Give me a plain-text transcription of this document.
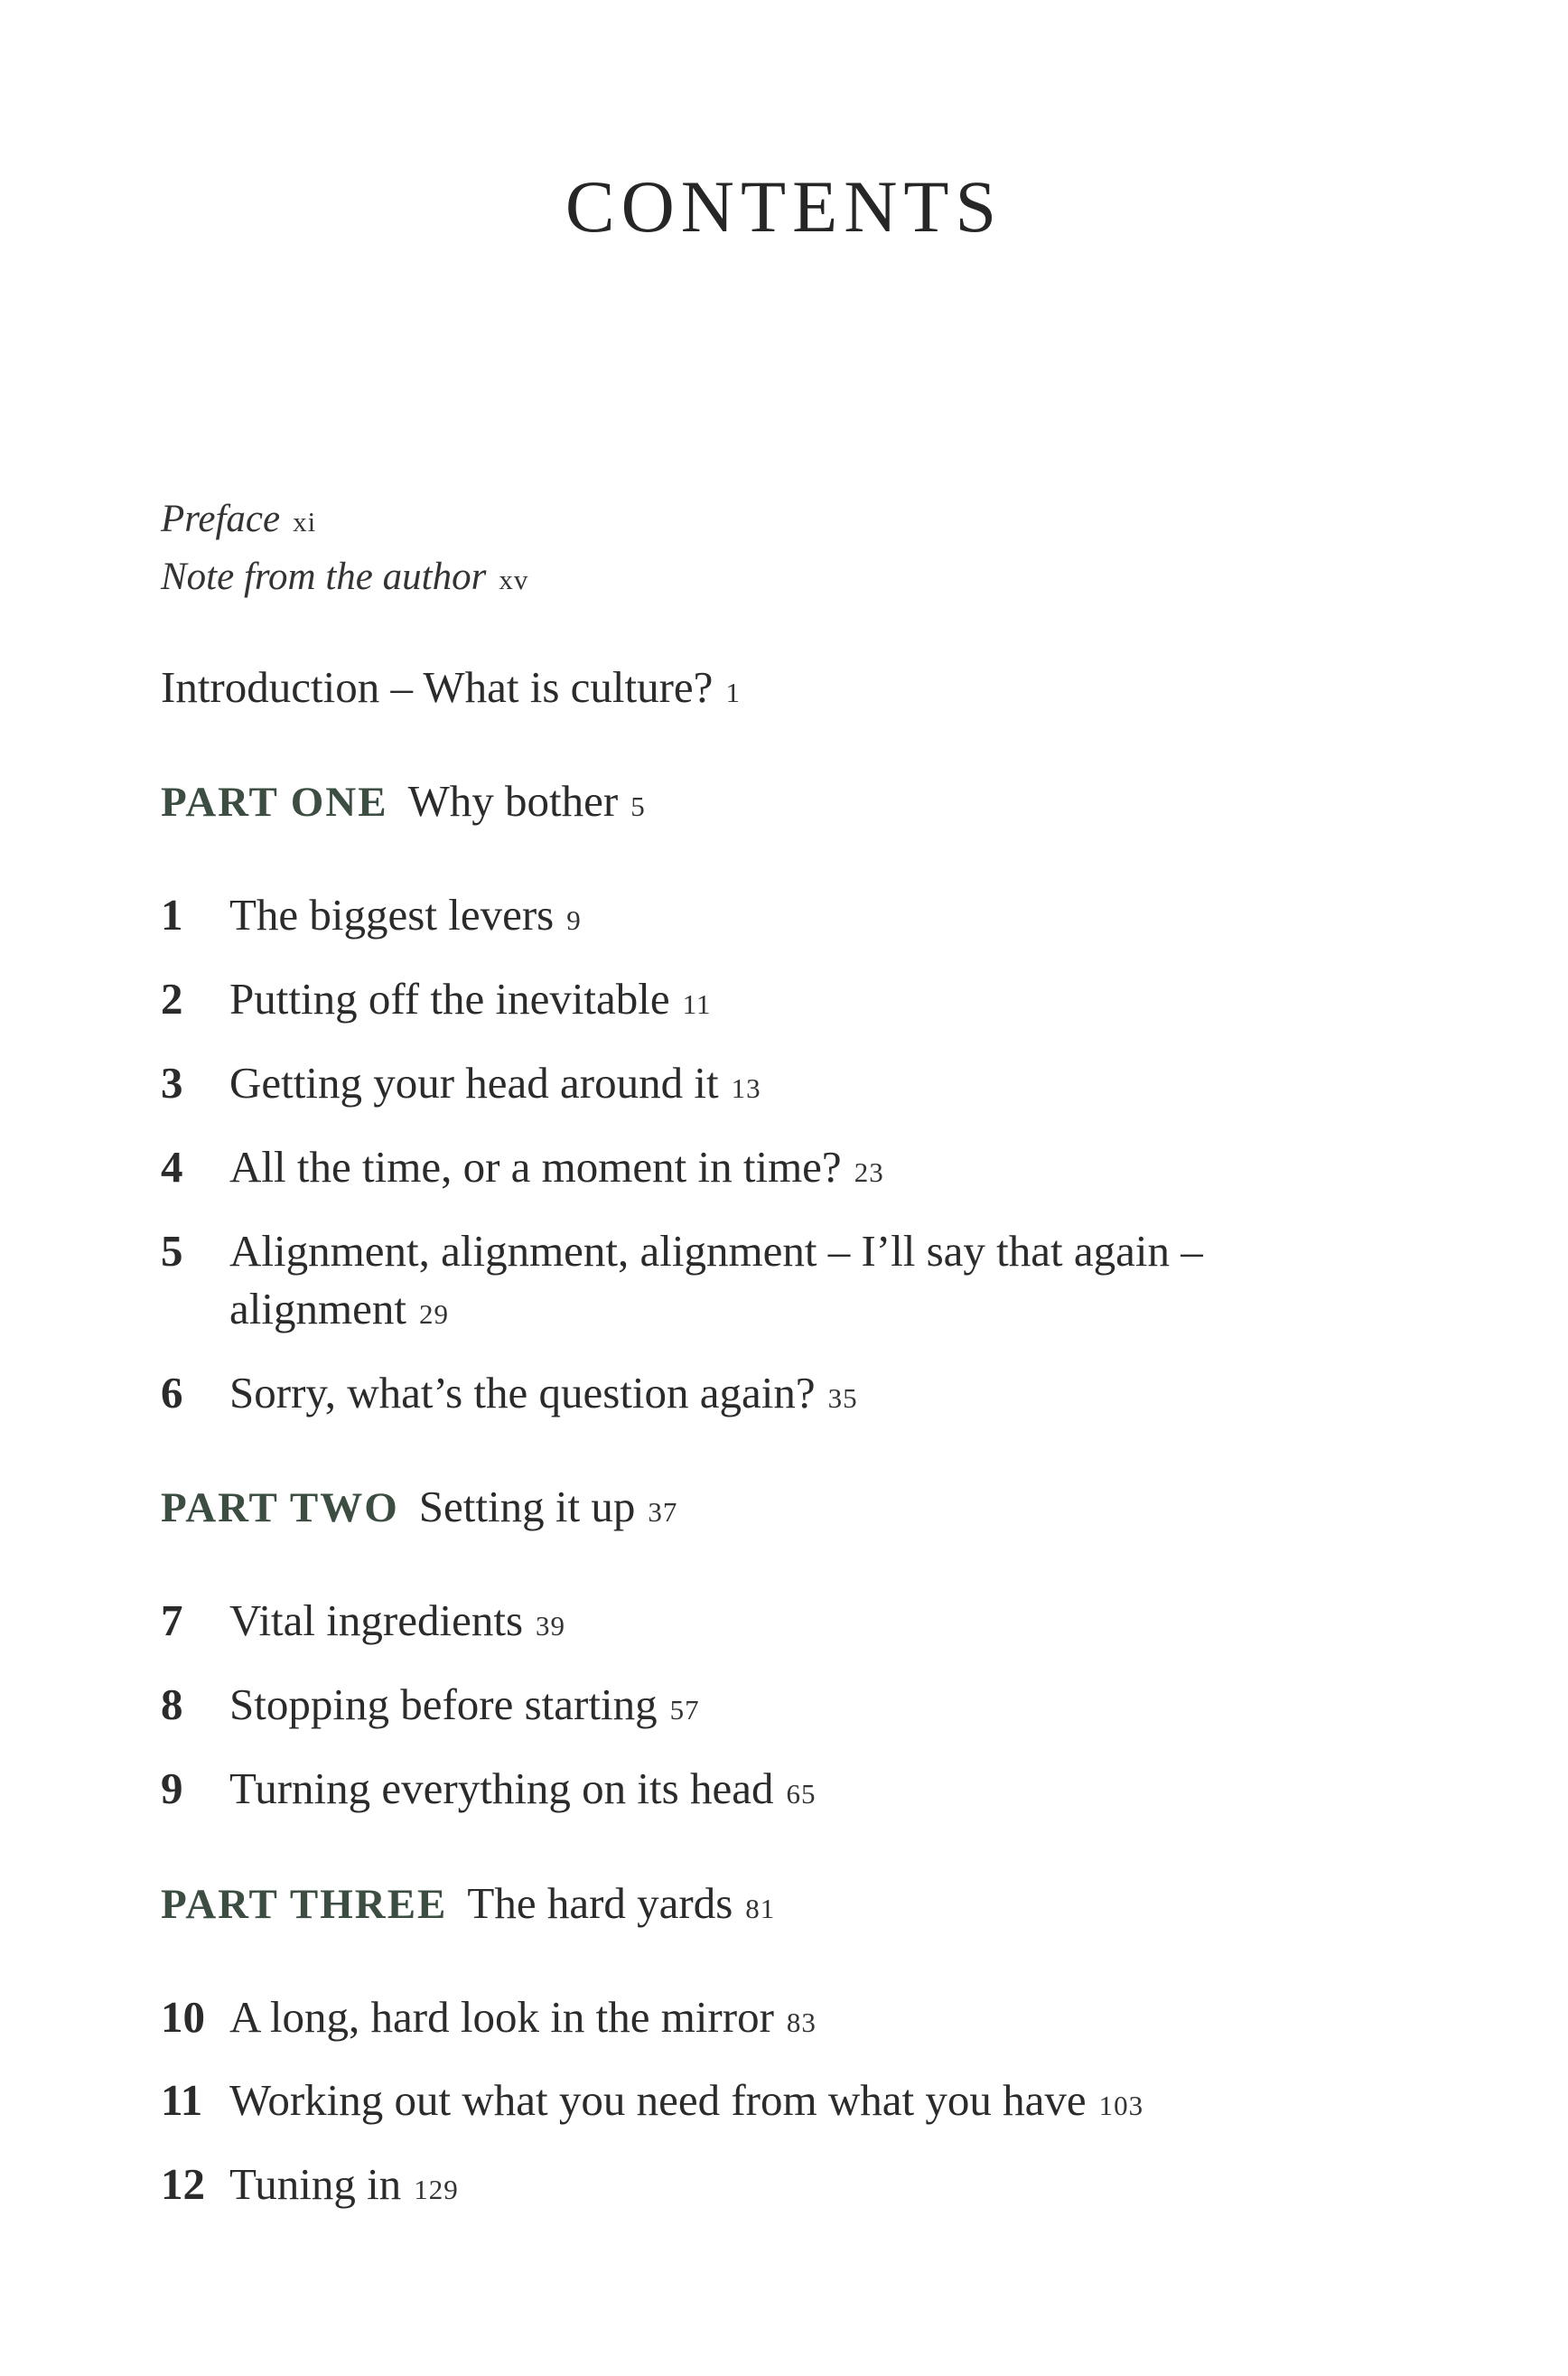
CONTENTS
Preface xi
Note from the author xv
Introduction – What is culture? 1
PART ONE Why bother 5
1 The biggest levers 9
2 Putting off the inevitable 11
3 Getting your head around it 13
4 All the time, or a moment in time? 23
5 Alignment, alignment, alignment – I’ll say that again –
alignment 29
6 Sorry, what’s the question again? 35
PART TWO Setting it up 37
7 Vital ingredients 39
8 Stopping before starting 57
9 Turning everything on its head 65
PART THREE The hard yards 81
10 A long, hard look in the mirror 83
11 Working out what you need from what you have 103
12 Tuning in 129
